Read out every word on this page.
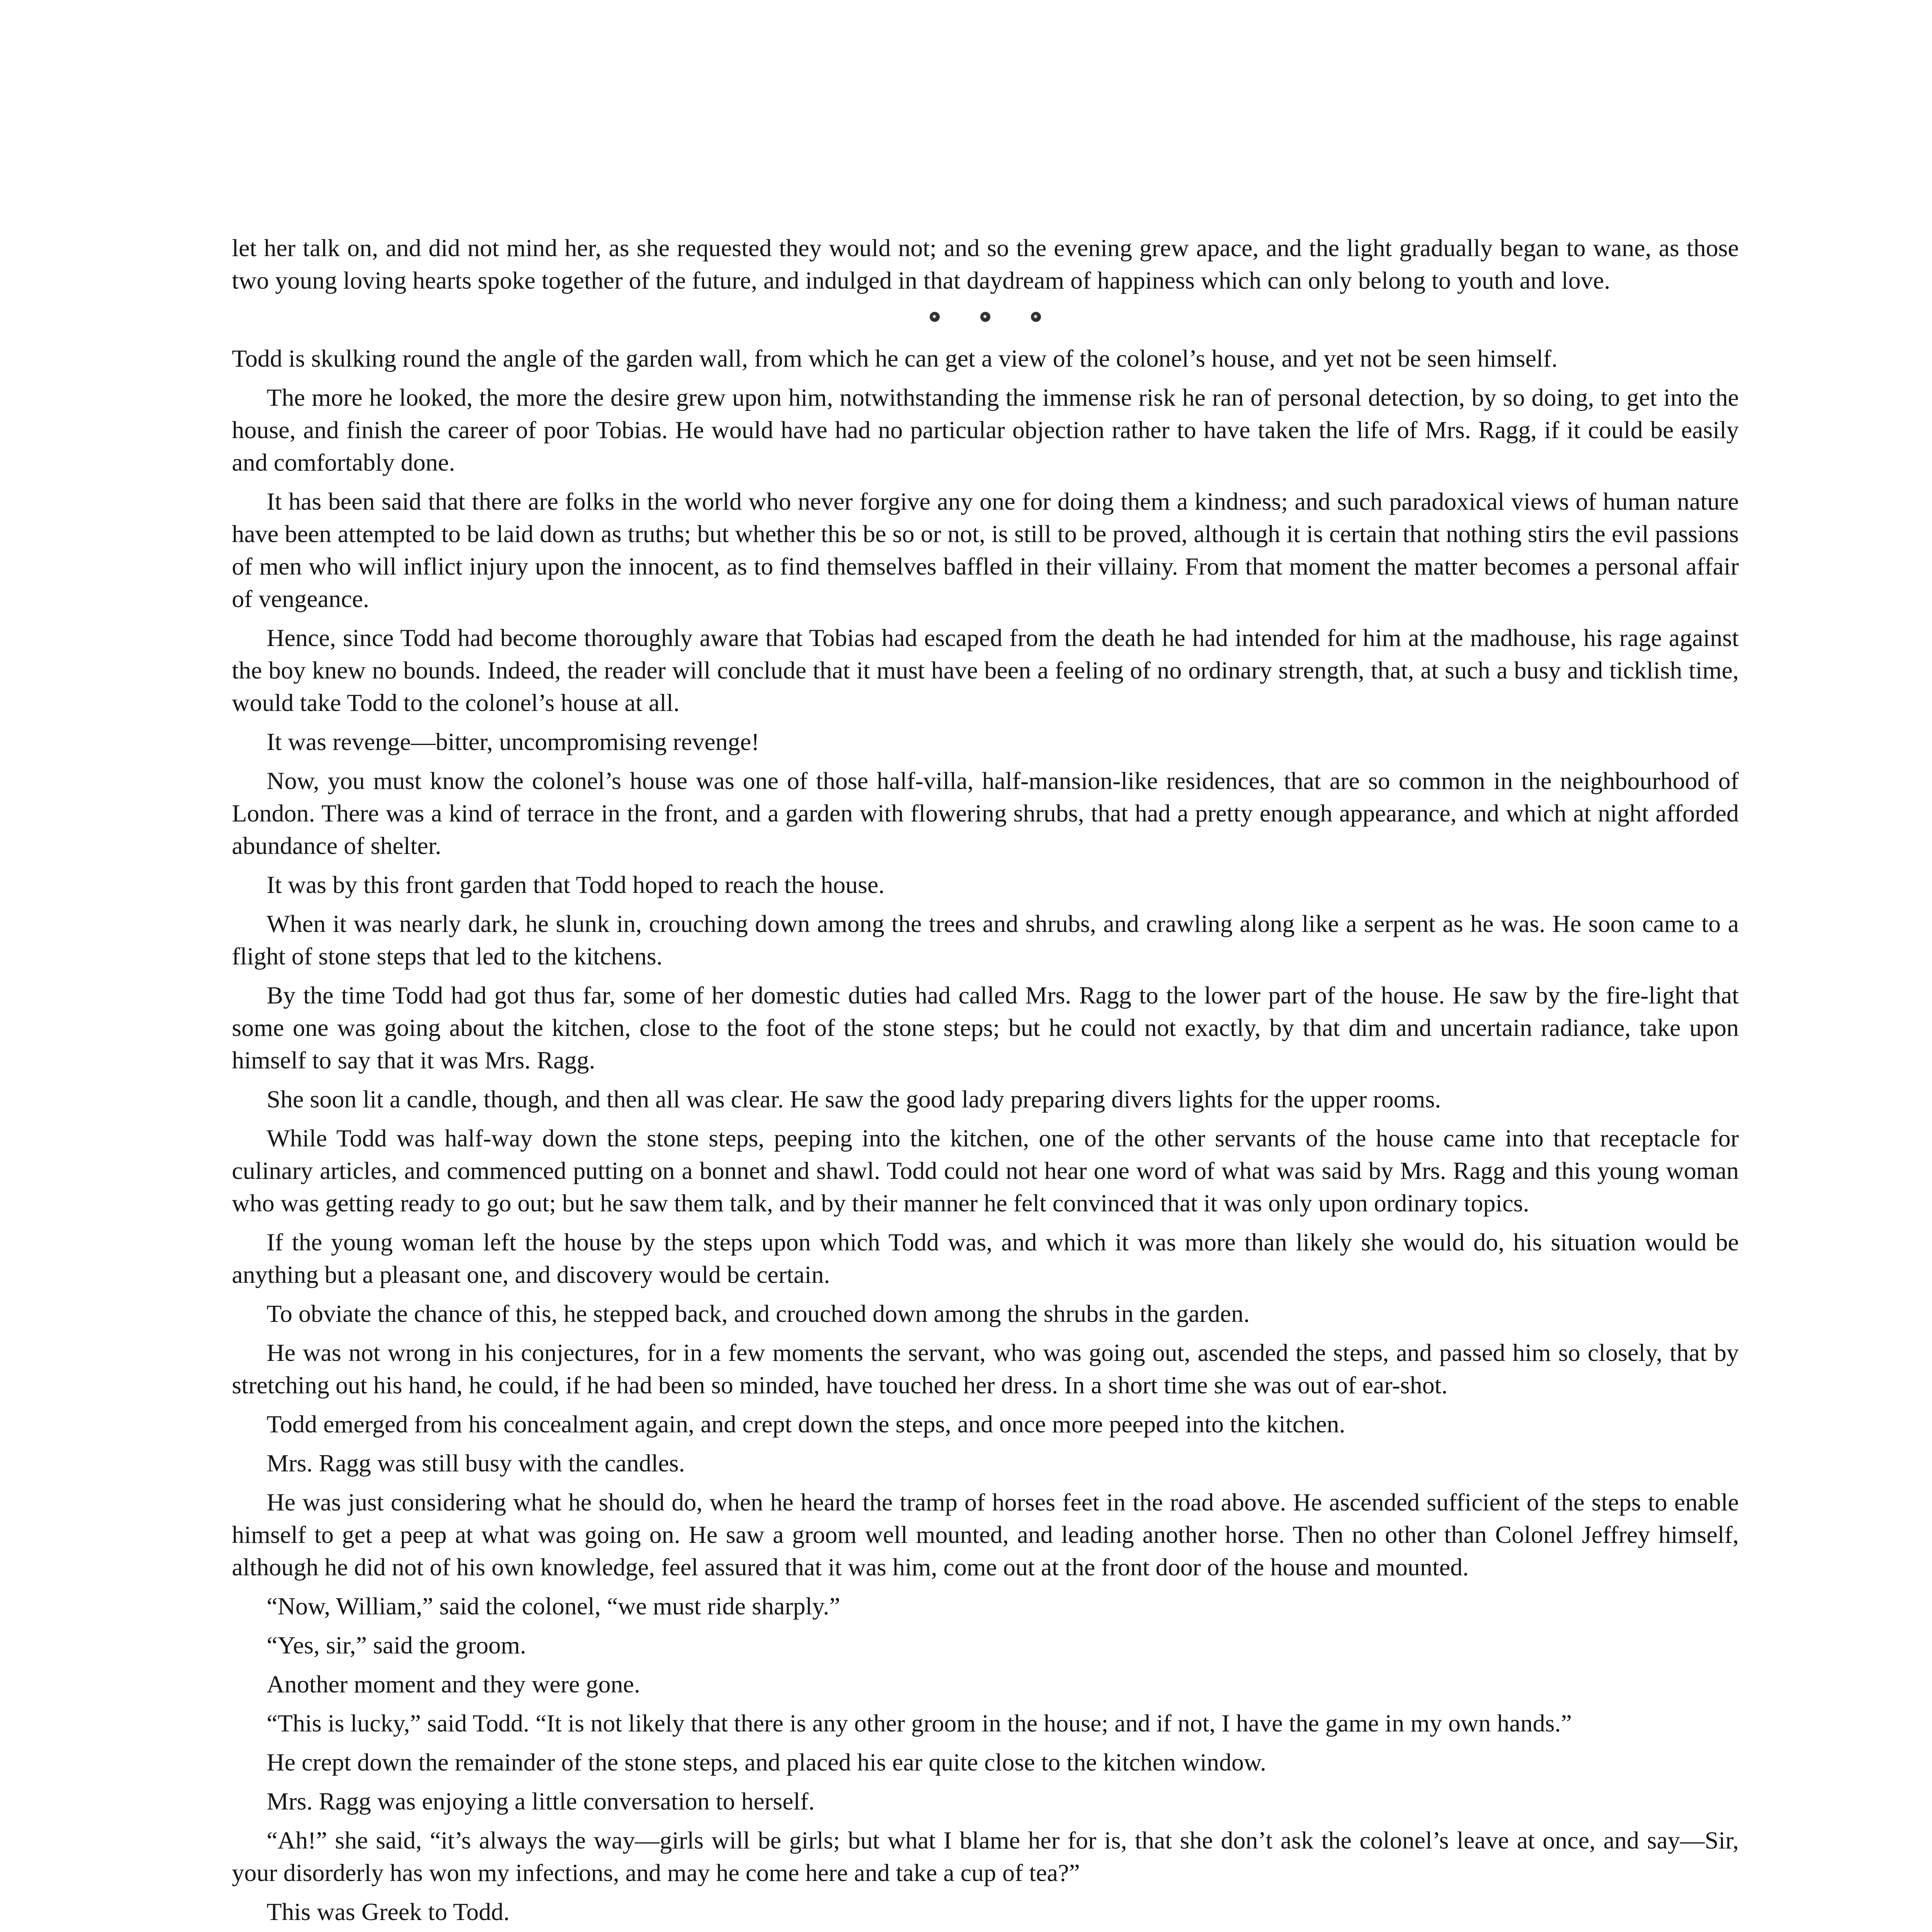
let her talk on, and did not mind her, as she requested they would not; and so the evening grew apace, and the light gradually began to wane, as those two young loving hearts spoke together of the future, and indulged in that daydream of happiness which can only belong to youth and love.

Todd is skulking round the angle of the garden wall, from which he can get a view of the colonel’s house, and yet not be seen himself.

The more he looked, the more the desire grew upon him, notwithstanding the immense risk he ran of personal detection, by so doing, to get into the house, and finish the career of poor Tobias. He would have had no particular objection rather to have taken the life of Mrs. Ragg, if it could be easily and comfortably done.

It has been said that there are folks in the world who never forgive any one for doing them a kindness; and such paradoxical views of human nature have been attempted to be laid down as truths; but whether this be so or not, is still to be proved, although it is certain that nothing stirs the evil passions of men who will inflict injury upon the innocent, as to find themselves baffled in their villainy. From that moment the matter becomes a personal affair of vengeance.

Hence, since Todd had become thoroughly aware that Tobias had escaped from the death he had intended for him at the madhouse, his rage against the boy knew no bounds. Indeed, the reader will conclude that it must have been a feeling of no ordinary strength, that, at such a busy and ticklish time, would take Todd to the colonel’s house at all.

It was revenge—bitter, uncompromising revenge!

Now, you must know the colonel’s house was one of those half-villa, half-mansion-like residences, that are so common in the neighbourhood of London. There was a kind of terrace in the front, and a garden with flowering shrubs, that had a pretty enough appearance, and which at night afforded abundance of shelter.

It was by this front garden that Todd hoped to reach the house.

When it was nearly dark, he slunk in, crouching down among the trees and shrubs, and crawling along like a serpent as he was. He soon came to a flight of stone steps that led to the kitchens.

By the time Todd had got thus far, some of her domestic duties had called Mrs. Ragg to the lower part of the house. He saw by the fire-light that some one was going about the kitchen, close to the foot of the stone steps; but he could not exactly, by that dim and uncertain radiance, take upon himself to say that it was Mrs. Ragg.

She soon lit a candle, though, and then all was clear. He saw the good lady preparing divers lights for the upper rooms.

While Todd was half-way down the stone steps, peeping into the kitchen, one of the other servants of the house came into that receptacle for culinary articles, and commenced putting on a bonnet and shawl. Todd could not hear one word of what was said by Mrs. Ragg and this young woman who was getting ready to go out; but he saw them talk, and by their manner he felt convinced that it was only upon ordinary topics.

If the young woman left the house by the steps upon which Todd was, and which it was more than likely she would do, his situation would be anything but a pleasant one, and discovery would be certain.

To obviate the chance of this, he stepped back, and crouched down among the shrubs in the garden.

He was not wrong in his conjectures, for in a few moments the servant, who was going out, ascended the steps, and passed him so closely, that by stretching out his hand, he could, if he had been so minded, have touched her dress. In a short time she was out of ear-shot.

Todd emerged from his concealment again, and crept down the steps, and once more peeped into the kitchen.

Mrs. Ragg was still busy with the candles.

He was just considering what he should do, when he heard the tramp of horses feet in the road above. He ascended sufficient of the steps to enable himself to get a peep at what was going on. He saw a groom well mounted, and leading another horse. Then no other than Colonel Jeffrey himself, although he did not of his own knowledge, feel assured that it was him, come out at the front door of the house and mounted.

“Now, William,” said the colonel, “we must ride sharply.”

“Yes, sir,” said the groom.

Another moment and they were gone.

“This is lucky,” said Todd. “It is not likely that there is any other groom in the house; and if not, I have the game in my own hands.”

He crept down the remainder of the stone steps, and placed his ear quite close to the kitchen window.

Mrs. Ragg was enjoying a little conversation to herself.

“Ah!” she said, “it’s always the way—girls will be girls; but what I blame her for is, that she don’t ask the colonel’s leave at once, and say—Sir, your disorderly has won my infections, and may he come here and take a cup of tea?”

This was Greek to Todd.
